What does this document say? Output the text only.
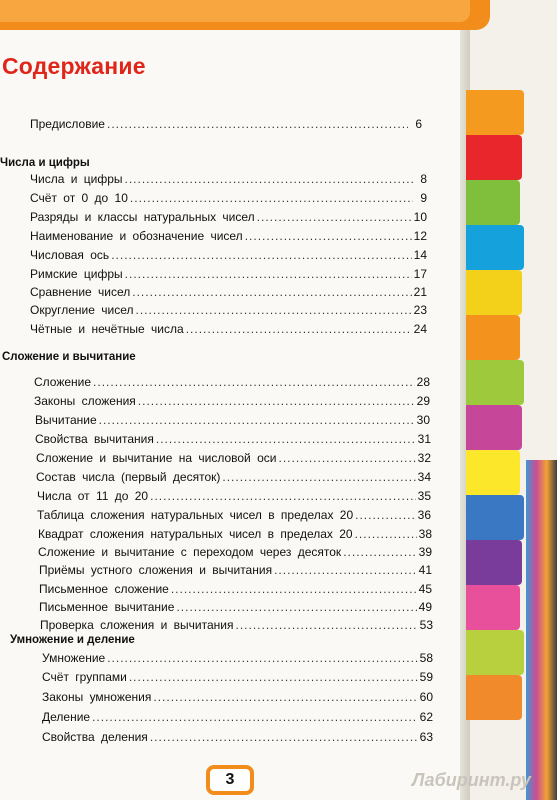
Содержание
Предисловие .....	6
Числа и цифры
Числа и цифры .....	8
Счёт от 0 до 10 .....	9
Разряды и классы натуральных чисел .....	10
Наименование и обозначение чисел .....	12
Числовая ось .....	14
Римские цифры .....	17
Сравнение чисел .....	21
Округление чисел .....	23
Чётные и нечётные числа .....	24
Сложение и вычитание
Сложение .....	28
Законы сложения .....	29
Вычитание .....	30
Свойства вычитания .....	31
Сложение и вычитание на числовой оси .....	32
Состав числа (первый десяток) .....	34
Числа от 11 до 20 .....	35
Таблица сложения натуральных чисел в пределах 20 .....	36
Квадрат сложения натуральных чисел в пределах 20 .....	38
Сложение и вычитание с переходом через десяток .....	39
Приёмы устного сложения и вычитания .....	41
Письменное сложение .....	45
Письменное вычитание .....	49
Проверка сложения и вычитания .....	53
Умножение и деление
Умножение .....	58
Счёт группами .....	59
Законы умножения .....	60
Деление .....	62
Свойства деления .....	63
3	Лабиринт.ру
